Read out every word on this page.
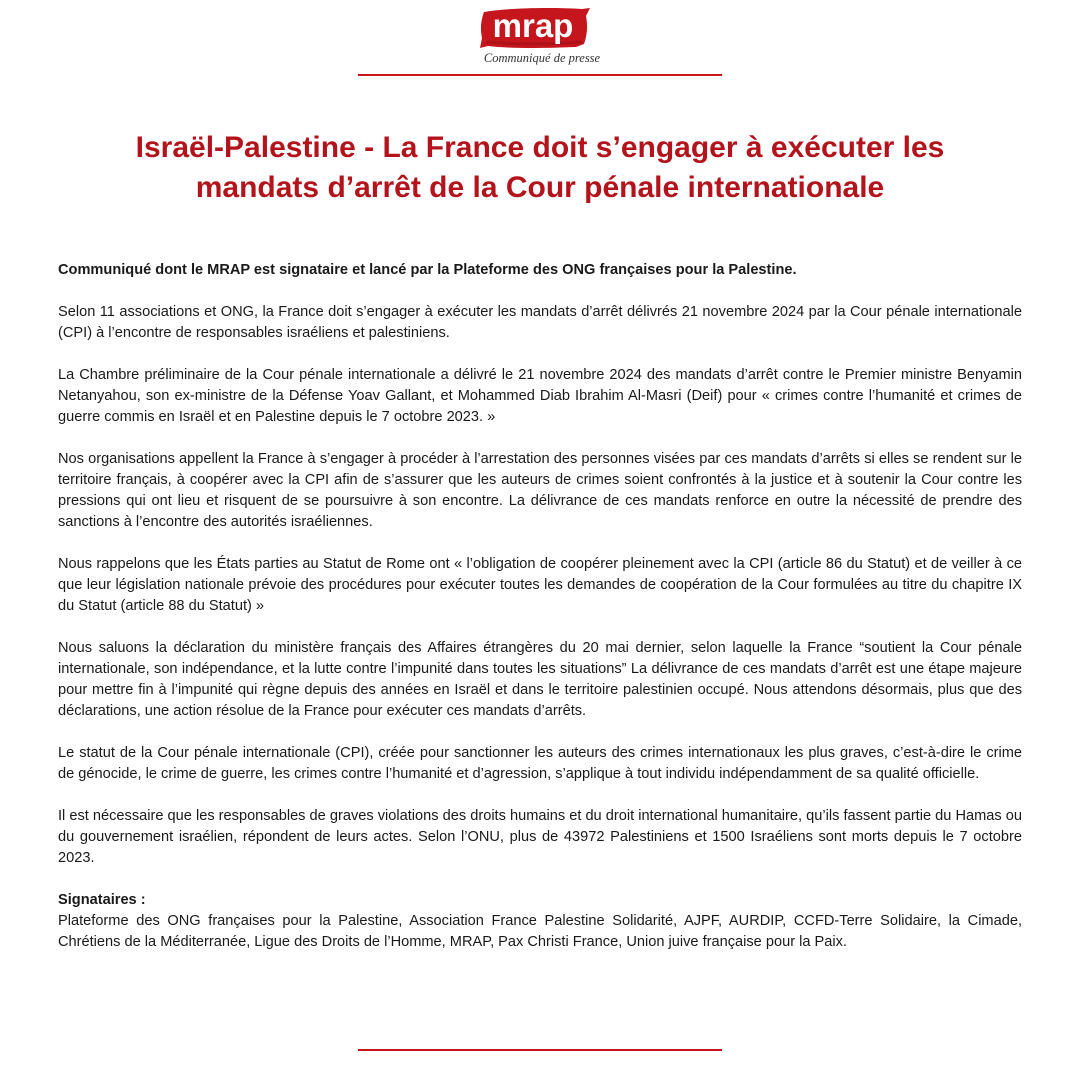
mrap
Communiqué de presse
Israël-Palestine - La France doit s’engager à exécuter les
mandats d’arrêt de la Cour pénale internationale

Communiqué dont le MRAP est signataire et lancé par la Plateforme des ONG françaises pour la Palestine.

Selon 11 associations et ONG, la France doit s’engager à exécuter les mandats d’arrêt délivrés 21 novembre 2024 par la Cour pénale internationale (CPI) à l’encontre de responsables israéliens et palestiniens.

La Chambre préliminaire de la Cour pénale internationale a délivré le 21 novembre 2024 des mandats d’arrêt contre le Premier ministre Benyamin Netanyahou, son ex-ministre de la Défense Yoav Gallant, et Mohammed Diab Ibrahim Al-Masri (Deif) pour « crimes contre l’humanité et crimes de guerre commis en Israël et en Palestine depuis le 7 octobre 2023. »

Nos organisations appellent la France à s’engager à procéder à l’arrestation des personnes visées par ces mandats d’arrêts si elles se rendent sur le territoire français, à coopérer avec la CPI afin de s’assurer que les auteurs de crimes soient confrontés à la justice et à soutenir la Cour contre les pressions qui ont lieu et risquent de se poursuivre à son encontre. La délivrance de ces mandats renforce en outre la nécessité de prendre des sanctions à l’encontre des autorités israéliennes.

Nous rappelons que les États parties au Statut de Rome ont « l’obligation de coopérer pleinement avec la CPI (article 86 du Statut) et de veiller à ce que leur législation nationale prévoie des procédures pour exécuter toutes les demandes de coopération de la Cour formulées au titre du chapitre IX du Statut (article 88 du Statut) »

Nous saluons la déclaration du ministère français des Affaires étrangères du 20 mai dernier, selon laquelle la France “soutient la Cour pénale internationale, son indépendance, et la lutte contre l’impunité dans toutes les situations” La délivrance de ces mandats d’arrêt est une étape majeure pour mettre fin à l’impunité qui règne depuis des années en Israël et dans le territoire palestinien occupé. Nous attendons désormais, plus que des déclarations, une action résolue de la France pour exécuter ces mandats d’arrêts.

Le statut de la Cour pénale internationale (CPI), créée pour sanctionner les auteurs des crimes internationaux les plus graves, c’est-à-dire le crime de génocide, le crime de guerre, les crimes contre l’humanité et d’agression, s’applique à tout individu indépendamment de sa qualité officielle.

Il est nécessaire que les responsables de graves violations des droits humains et du droit international humanitaire, qu’ils fassent partie du Hamas ou du gouvernement israélien, répondent de leurs actes. Selon l’ONU, plus de 43972 Palestiniens et 1500 Israéliens sont morts depuis le 7 octobre 2023.

Signataires :
Plateforme des ONG françaises pour la Palestine, Association France Palestine Solidarité, AJPF, AURDIP, CCFD-Terre Solidaire, la Cimade, Chrétiens de la Méditerranée, Ligue des Droits de l’Homme, MRAP, Pax Christi France, Union juive française pour la Paix.
